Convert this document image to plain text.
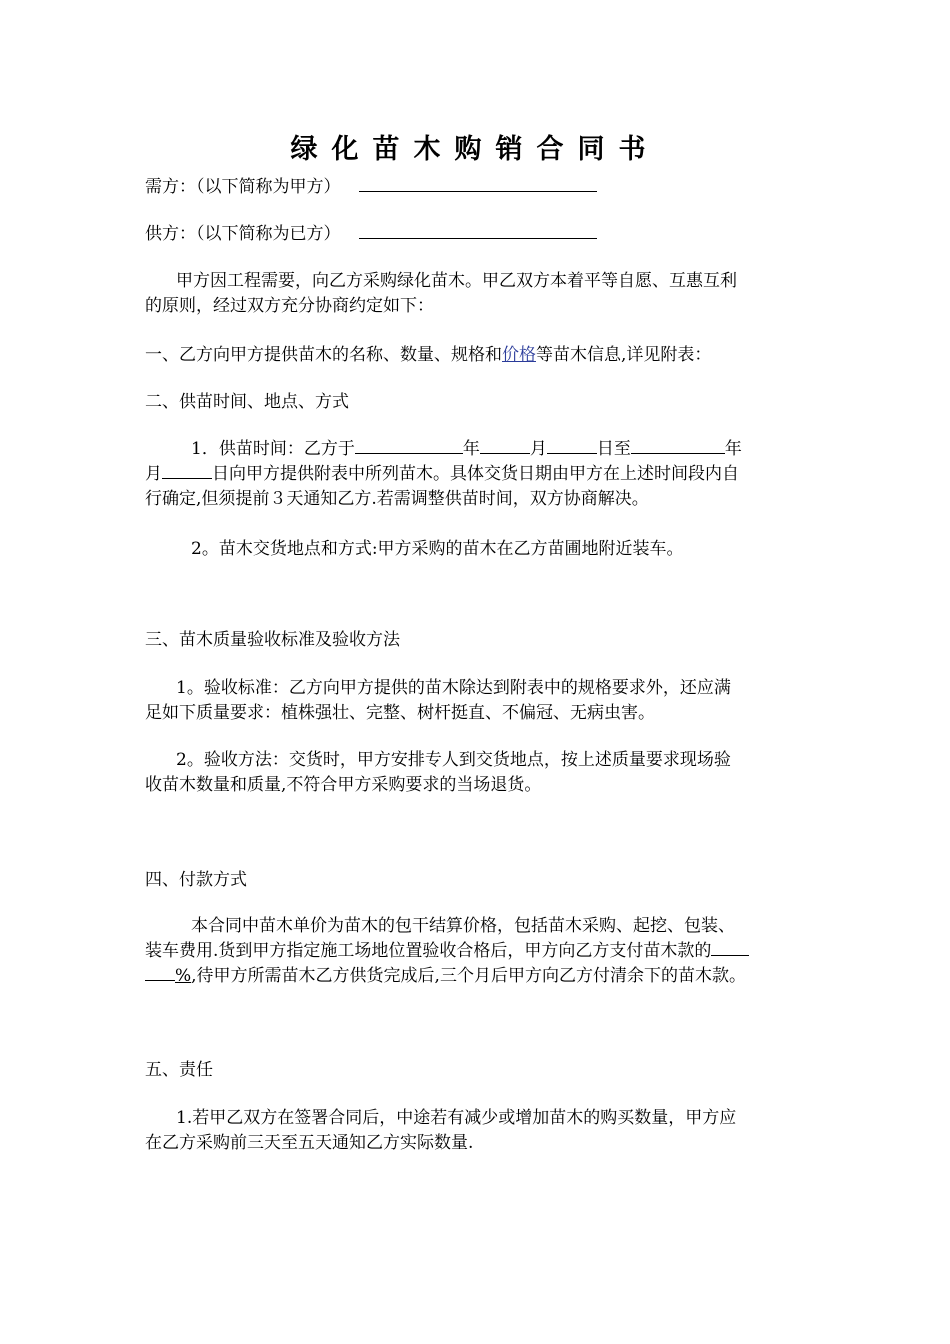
绿化苗木购销合同书
需方：（以下简称为甲方）
供方：（以下简称为已方）
甲方因工程需要，向乙方采购绿化苗木。甲乙双方本着平等自愿、互惠互利
的原则，经过双方充分协商约定如下：
一、乙方向甲方提供苗木的名称、数量、规格和价格等苗木信息,详见附表：
二、供苗时间、地点、方式
1．供苗时间：乙方于	年	月	日至	年
月	日向甲方提供附表中所列苗木。具体交货日期由甲方在上述时间段内自
行确定,但须提前３天通知乙方.若需调整供苗时间，双方协商解决。
2。苗木交货地点和方式:甲方采购的苗木在乙方苗圃地附近装车。
三、苗木质量验收标准及验收方法
1。验收标准：乙方向甲方提供的苗木除达到附表中的规格要求外，还应满
足如下质量要求：植株强壮、完整、树杆挺直、不偏冠、无病虫害。
2。验收方法：交货时，甲方安排专人到交货地点，按上述质量要求现场验
收苗木数量和质量,不符合甲方采购要求的当场退货。
四、付款方式
本合同中苗木单价为苗木的包干结算价格，包括苗木采购、起挖、包装、
装车费用.货到甲方指定施工场地位置验收合格后，甲方向乙方支付苗木款的
%,待甲方所需苗木乙方供货完成后,三个月后甲方向乙方付清余下的苗木款。
五、责任
1.若甲乙双方在签署合同后，中途若有减少或增加苗木的购买数量，甲方应
在乙方采购前三天至五天通知乙方实际数量.
